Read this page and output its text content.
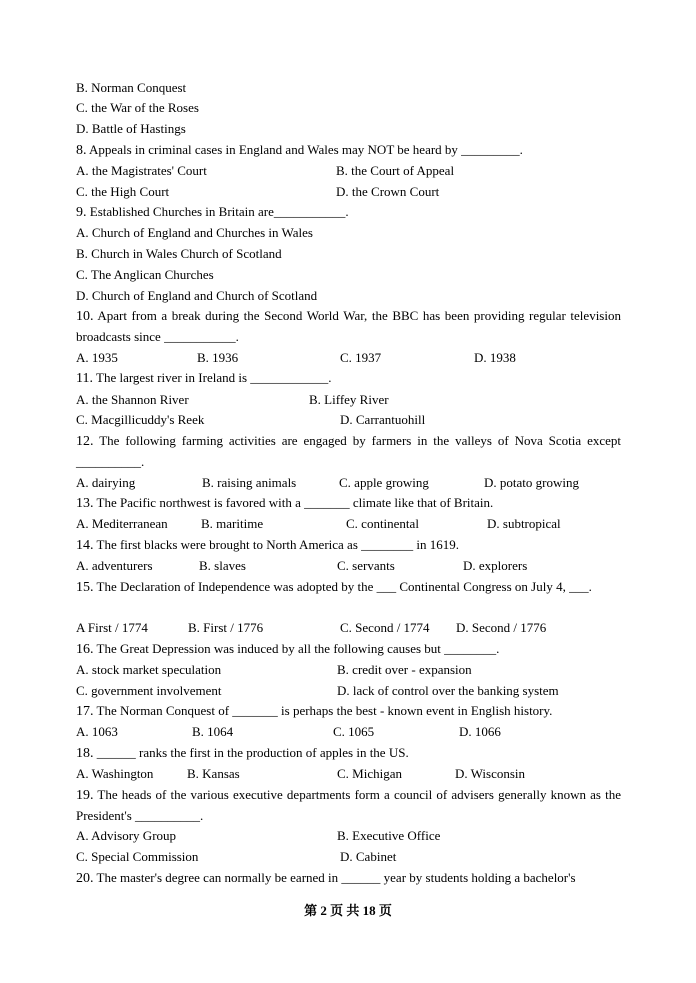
B. Norman Conquest
C. the War of the Roses
D. Battle of Hastings
8. Appeals in criminal cases in England and Wales may NOT be heard by _________.
A. the Magistrates' Court	B. the Court of Appeal
C. the High Court	D. the Crown Court
9. Established Churches in Britain are___________.
A. Church of England and Churches in Wales
B. Church in Wales Church of Scotland
C. The Anglican Churches
D. Church of England and Church of Scotland
10. Apart from a break during the Second World War, the BBC has been providing regular television broadcasts since ___________.
A. 1935	B. 1936	C. 1937	D. 1938
11. The largest river in Ireland is ____________.
A. the Shannon River	B. Liffey River
C. Macgillicuddy's Reek	D. Carrantuohill
12. The following farming activities are engaged by farmers in the valleys of Nova Scotia except __________.
A. dairying	B. raising animals	C. apple growing	D. potato growing
13. The Pacific northwest is favored with a _______ climate like that of Britain.
A. Mediterranean	B. maritime	C. continental	D. subtropical
14. The first blacks were brought to North America as ________ in 1619.
A. adventurers	B. slaves	C. servants	D. explorers
15. The Declaration of Independence was adopted by the ___ Continental Congress on July 4, ___.
A First / 1774	B. First / 1776	C. Second / 1774 D. Second / 1776
16. The Great Depression was induced by all the following causes but ________.
A. stock market speculation	B. credit over - expansion
C. government involvement	D. lack of control over the banking system
17. The Norman Conquest of _______ is perhaps the best - known event in English history.
A. 1063	B. 1064	C. 1065	D. 1066
18. ______ ranks the first in the production of apples in the US.
A. Washington	B. Kansas	C. Michigan	D. Wisconsin
19. The heads of the various executive departments form a council of advisers generally known as the President's __________.
A. Advisory Group	B. Executive Office
C. Special Commission	D. Cabinet
20. The master's degree can normally be earned in ______ year by students holding a bachelor's
第 2 页 共 18 页
